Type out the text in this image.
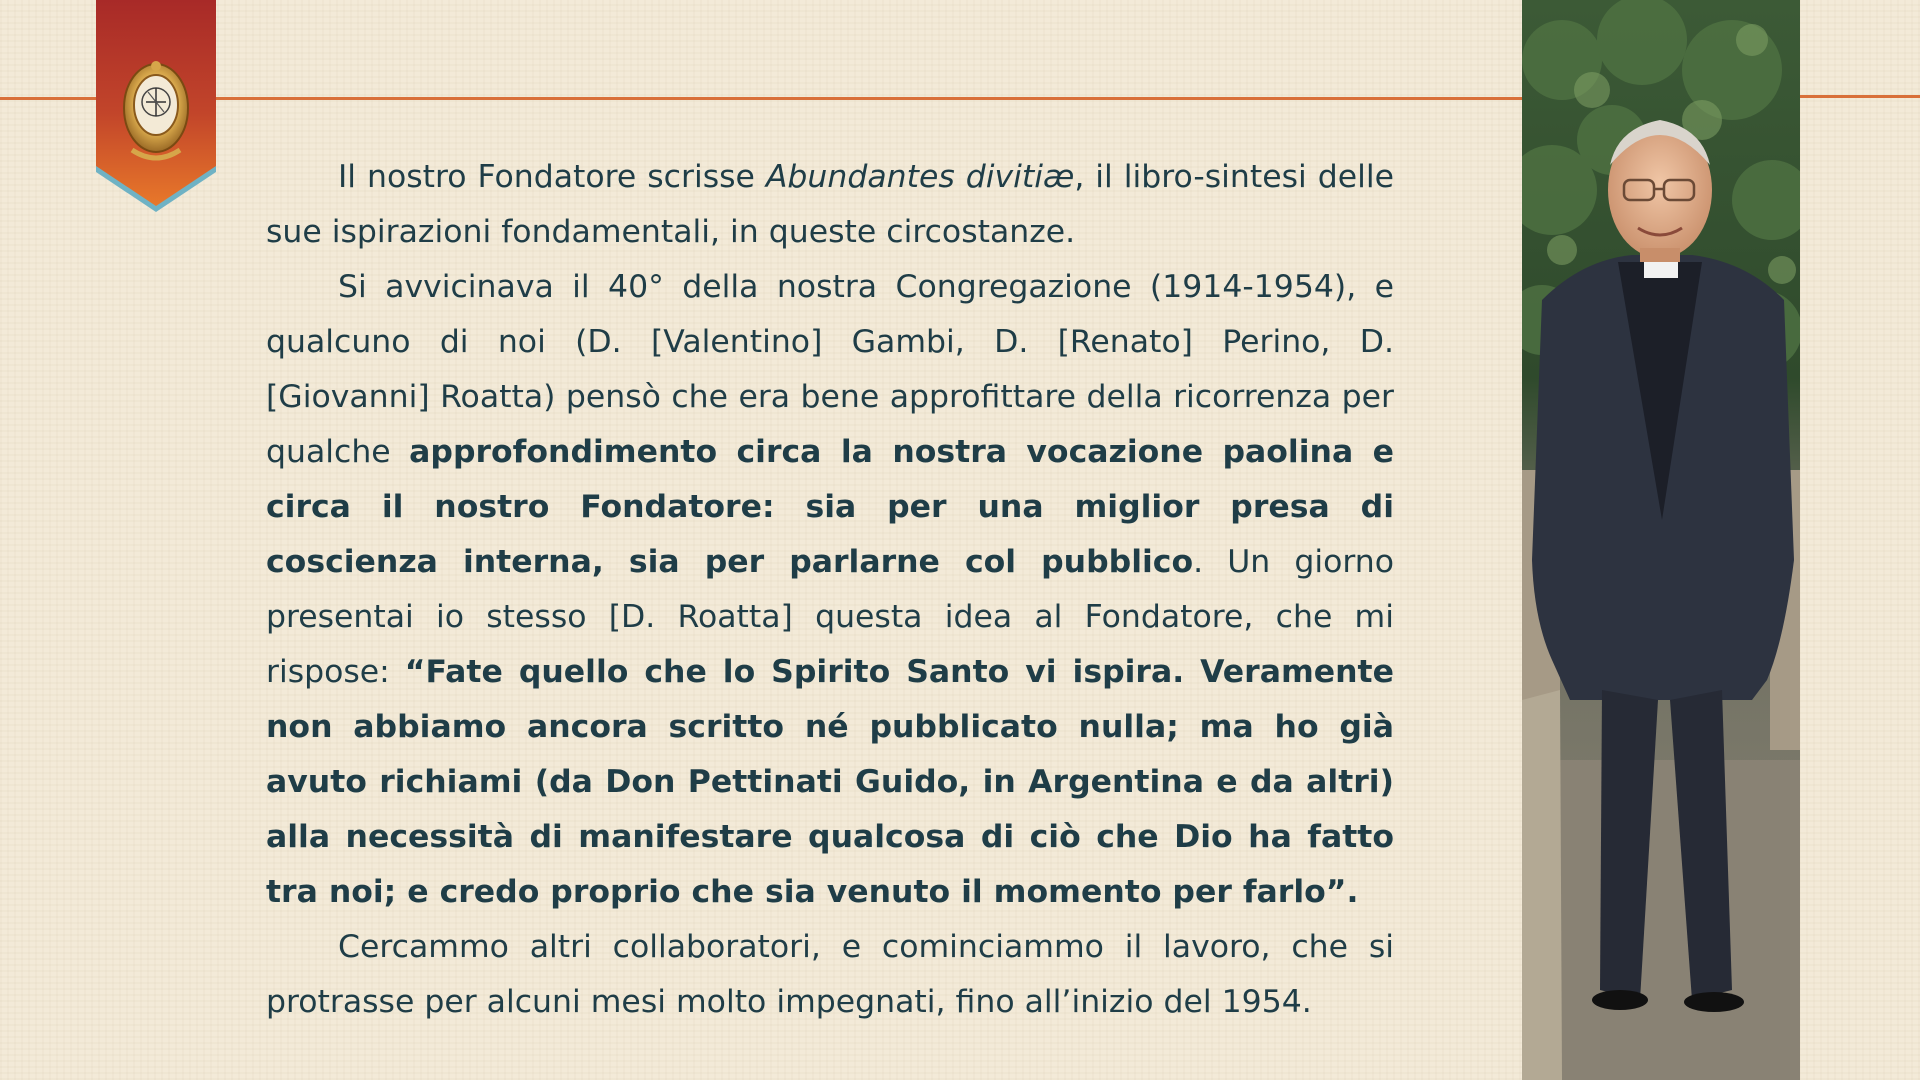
Il nostro Fondatore scrisse Abundantes divitiæ, il libro-sintesi delle sue ispirazioni fondamentali, in queste circostanze.

Si avvicinava il 40° della nostra Congregazione (1914-1954), e qualcuno di noi (D. [Valentino] Gambi, D. [Renato] Perino, D. [Giovanni] Roatta) pensò che era bene approfittare della ricorrenza per qualche approfondimento circa la nostra vocazione paolina e circa il nostro Fondatore: sia per una miglior presa di coscienza interna, sia per parlarne col pubblico. Un giorno presentai io stesso [D. Roatta] questa idea al Fondatore, che mi rispose: “Fate quello che lo Spirito Santo vi ispira. Veramente non abbiamo ancora scritto né pubblicato nulla; ma ho già avuto richiami (da Don Pettinati Guido, in Argentina e da altri) alla necessità di manifestare qualcosa di ciò che Dio ha fatto tra noi; e credo proprio che sia venuto il momento per farlo”.

Cercammo altri collaboratori, e cominciammo il lavoro, che si protrasse per alcuni mesi molto impegnati, fino all’inizio del 1954.
